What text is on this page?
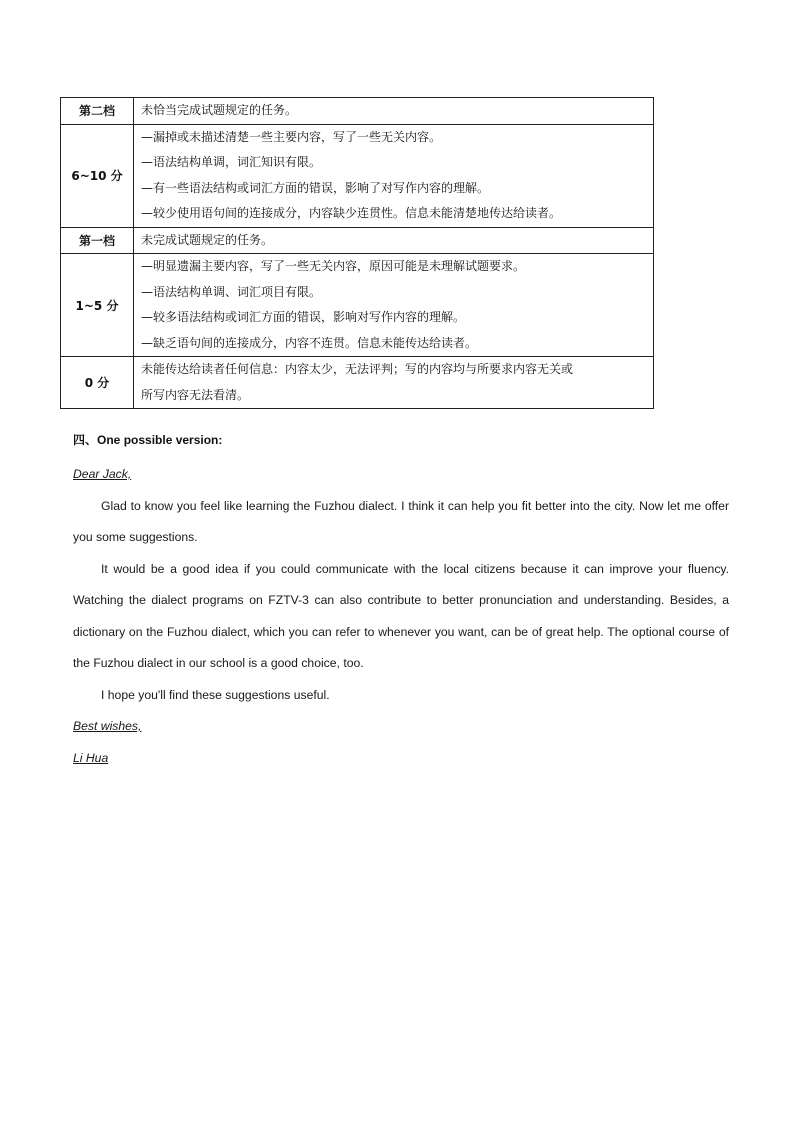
第二档	未恰当完成试题规定的任务。

6~10 分	—漏掉或未描述清楚一些主要内容，写了一些无关内容。
—语法结构单调，词汇知识有限。
—有一些语法结构或词汇方面的错误，影响了对写作内容的理解。
—较少使用语句间的连接成分，内容缺少连贯性。信息未能清楚地传达给读者。

第一档	未完成试题规定的任务。

1~5 分	—明显遗漏主要内容，写了一些无关内容，原因可能是未理解试题要求。
—语法结构单调、词汇项目有限。
—较多语法结构或词汇方面的错误，影响对写作内容的理解。
—缺乏语句间的连接成分，内容不连贯。信息未能传达给读者。

0 分	未能传达给读者任何信息：内容太少，无法评判；写的内容均与所要求内容无关或
所写内容无法看清。
四、One possible version:

Dear Jack,

Glad to know you feel like learning the Fuzhou dialect. I think it can help you fit better into the city. Now let me offer you some suggestions.

It would be a good idea if you could communicate with the local citizens because it can improve your fluency. Watching the dialect programs on FZTV-3 can also contribute to better pronunciation and understanding. Besides, a dictionary on the Fuzhou dialect, which you can refer to whenever you want, can be of great help. The optional course of the Fuzhou dialect in our school is a good choice, too.

I hope you'll find these suggestions useful.

Best wishes,

Li Hua
